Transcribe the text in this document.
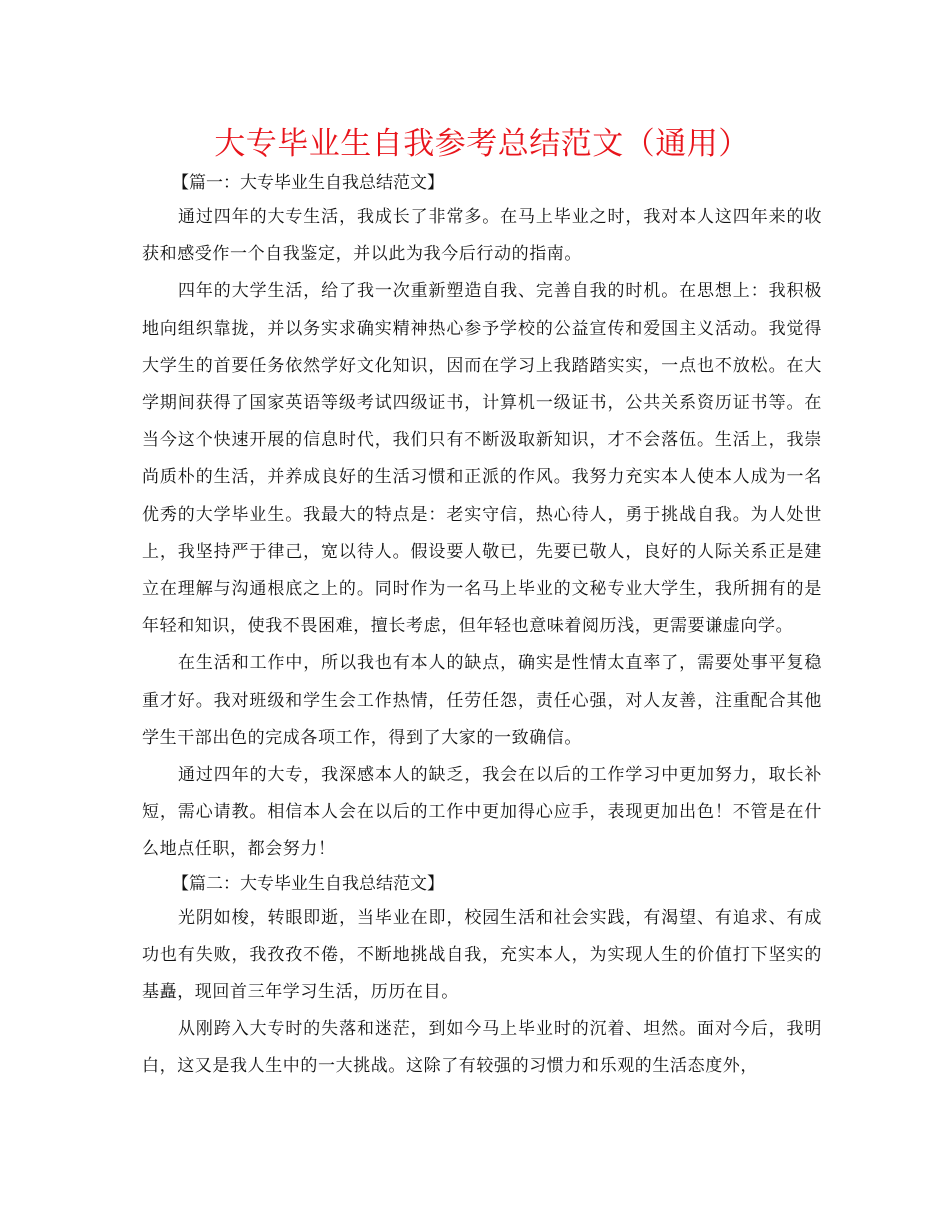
大专毕业生自我参考总结范文（通用）

【篇一：大专毕业生自我总结范文】

通过四年的大专生活，我成长了非常多。在马上毕业之时，我对本人这四年来的收获和感受作一个自我鉴定，并以此为我今后行动的指南。

四年的大学生活，给了我一次重新塑造自我、完善自我的时机。在思想上：我积极地向组织靠拢，并以务实求确实精神热心参予学校的公益宣传和爱国主义活动。我觉得大学生的首要任务依然学好文化知识，因而在学习上我踏踏实实，一点也不放松。在大学期间获得了国家英语等级考试四级证书，计算机一级证书，公共关系资历证书等。在当今这个快速开展的信息时代，我们只有不断汲取新知识，才不会落伍。生活上，我崇尚质朴的生活，并养成良好的生活习惯和正派的作风。我努力充实本人使本人成为一名优秀的大学毕业生。我最大的特点是：老实守信，热心待人，勇于挑战自我。为人处世上，我坚持严于律己，宽以待人。假设要人敬已，先要已敬人，良好的人际关系正是建立在理解与沟通根底之上的。同时作为一名马上毕业的文秘专业大学生，我所拥有的是年轻和知识，使我不畏困难，擅长考虑，但年轻也意味着阅历浅，更需要谦虚向学。

在生活和工作中，所以我也有本人的缺点，确实是性情太直率了，需要处事平复稳重才好。我对班级和学生会工作热情，任劳任怨，责任心强，对人友善，注重配合其他学生干部出色的完成各项工作，得到了大家的一致确信。

通过四年的大专，我深感本人的缺乏，我会在以后的工作学习中更加努力，取长补短，需心请教。相信本人会在以后的工作中更加得心应手，表现更加出色！不管是在什么地点任职，都会努力！

【篇二：大专毕业生自我总结范文】

光阴如梭，转眼即逝，当毕业在即，校园生活和社会实践，有渴望、有追求、有成功也有失败，我孜孜不倦，不断地挑战自我，充实本人，为实现人生的价值打下坚实的基矗，现回首三年学习生活，历历在目。

从刚跨入大专时的失落和迷茫，到如今马上毕业时的沉着、坦然。面对今后，我明白，这又是我人生中的一大挑战。这除了有较强的习惯力和乐观的生活态度外，
